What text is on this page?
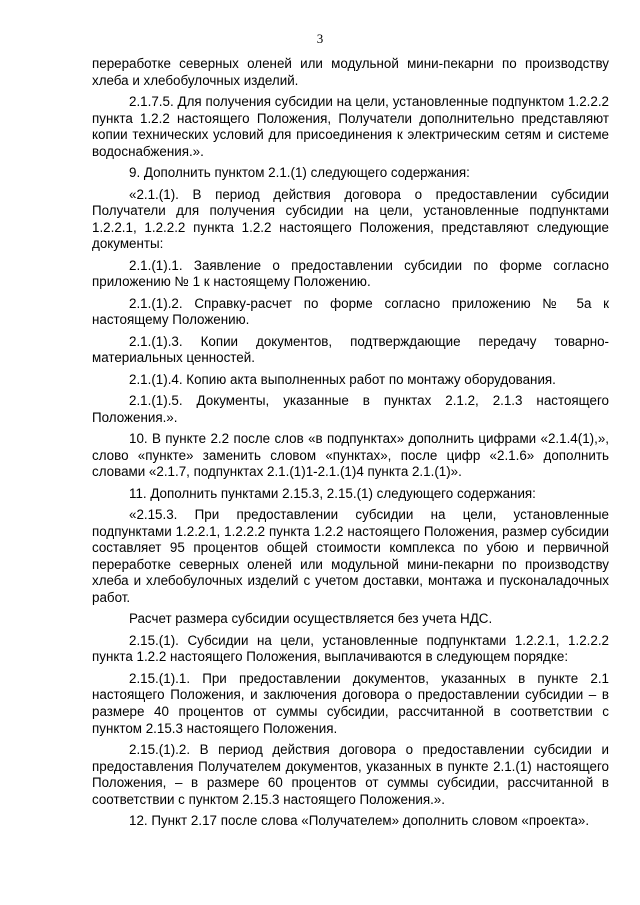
3

переработке северных оленей или модульной мини-пекарни по производству хлеба и хлебобулочных изделий.

2.1.7.5. Для получения субсидии на цели, установленные подпунктом 1.2.2.2 пункта 1.2.2 настоящего Положения, Получатели дополнительно представляют копии технических условий для присоединения к электрическим сетям и системе водоснабжения.».

9. Дополнить пунктом 2.1.(1) следующего содержания:

«2.1.(1). В период действия договора о предоставлении субсидии Получатели для получения субсидии на цели, установленные подпунктами 1.2.2.1, 1.2.2.2 пункта 1.2.2 настоящего Положения, представляют следующие документы:

2.1.(1).1. Заявление о предоставлении субсидии по форме согласно приложению № 1 к настоящему Положению.

2.1.(1).2. Справку-расчет по форме согласно приложению № 5а к настоящему Положению.

2.1.(1).3. Копии документов, подтверждающие передачу товарно-материальных ценностей.

2.1.(1).4. Копию акта выполненных работ по монтажу оборудования.

2.1.(1).5. Документы, указанные в пунктах 2.1.2, 2.1.3 настоящего Положения.».

10. В пункте 2.2 после слов «в подпунктах» дополнить цифрами «2.1.4(1),», слово «пункте» заменить словом «пунктах», после цифр «2.1.6» дополнить словами «2.1.7, подпунктах 2.1.(1)1-2.1.(1)4 пункта 2.1.(1)».

11. Дополнить пунктами 2.15.3, 2.15.(1) следующего содержания:

«2.15.3. При предоставлении субсидии на цели, установленные подпунктами 1.2.2.1, 1.2.2.2 пункта 1.2.2 настоящего Положения, размер субсидии составляет 95 процентов общей стоимости комплекса по убою и первичной переработке северных оленей или модульной мини-пекарни по производству хлеба и хлебобулочных изделий с учетом доставки, монтажа и пусконаладочных работ.

Расчет размера субсидии осуществляется без учета НДС.

2.15.(1). Субсидии на цели, установленные подпунктами 1.2.2.1, 1.2.2.2 пункта 1.2.2 настоящего Положения, выплачиваются в следующем порядке:

2.15.(1).1. При предоставлении документов, указанных в пункте 2.1 настоящего Положения, и заключения договора о предоставлении субсидии – в размере 40 процентов от суммы субсидии, рассчитанной в соответствии с пунктом 2.15.3 настоящего Положения.

2.15.(1).2. В период действия договора о предоставлении субсидии и предоставления Получателем документов, указанных в пункте 2.1.(1) настоящего Положения, – в размере 60 процентов от суммы субсидии, рассчитанной в соответствии с пунктом 2.15.3 настоящего Положения.».

12. Пункт 2.17 после слова «Получателем» дополнить словом «проекта».
